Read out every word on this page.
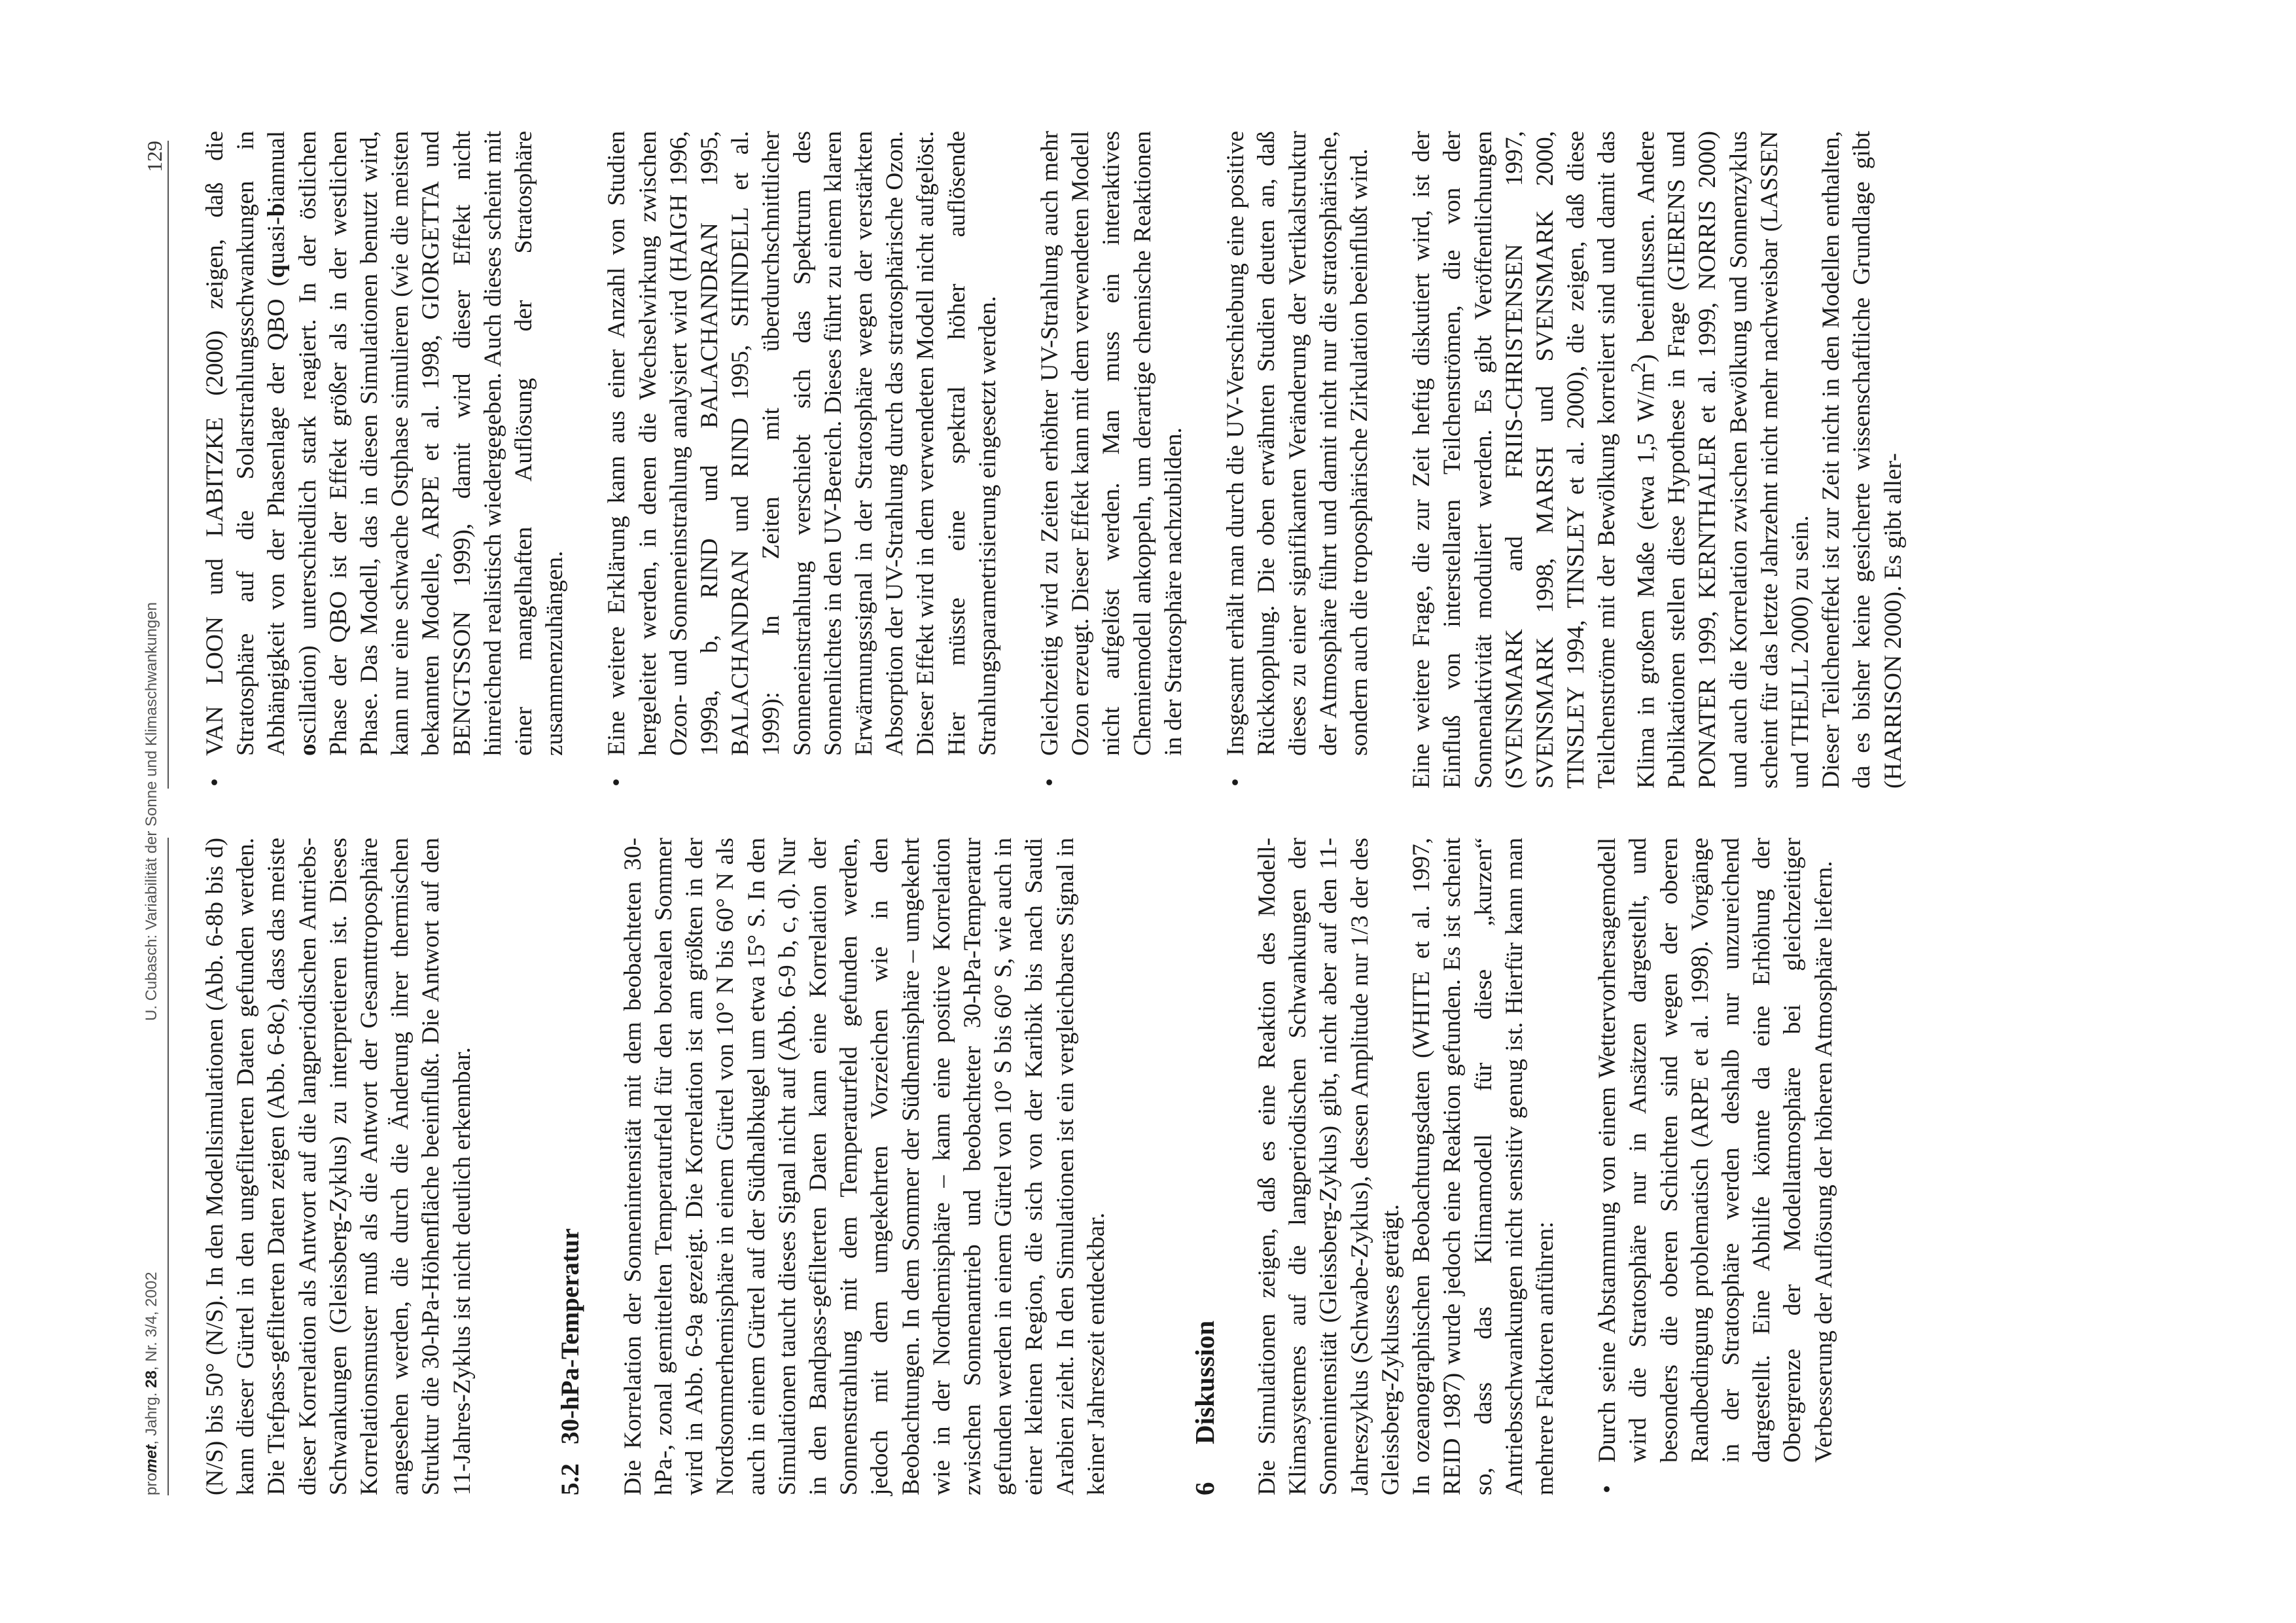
promet, Jahrg. 28, Nr. 3/4, 2002
U. Cubasch: Variabilität der Sonne und Klimaschwankungen
129

(N/S) bis 50° (N/S). In den Modellsimulationen (Abb. 6-8b bis d) kann dieser Gürtel in den ungefilterten Daten gefunden werden. Die Tiefpass-gefilterten Daten zeigen (Abb. 6-8c), dass das meiste dieser Korrelation als Antwort auf die langperiodischen Antriebs-Schwankungen (Gleissberg-Zyklus) zu interpretieren ist. Dieses Korrelationsmuster muß als die Antwort der Gesamttroposphäre angesehen werden, die durch die Änderung ihrer thermischen Struktur die 30-hPa-Höhenfläche beeinflußt. Die Antwort auf den 11-Jahres-Zyklus ist nicht deutlich erkennbar.	5.230-hPa-Temperatur Die Korrelation der Sonnenintensität mit dem beobachteten 30-hPa-, zonal gemittelten Temperaturfeld für den borealen Sommer wird in Abb. 6-9a gezeigt. Die Korrelation ist am größten in der Nordsommerhemisphäre in einem Gürtel von 10° N bis 60° N als auch in einem Gürtel auf der Südhalbkugel um etwa 15° S. In den Simulationen taucht dieses Signal nicht auf (Abb. 6-9 b, c, d). Nur in den Bandpass-gefilterten Daten kann eine Korrelation der Sonnenstrahlung mit dem Temperaturfeld gefunden werden, jedoch mit dem umgekehrten Vorzeichen wie in den Beobachtungen. In dem Sommer der Südhemisphäre – umgekehrt wie in der Nordhemisphäre – kann eine positive Korrelation zwischen Sonnenantrieb und beobachteter 30-hPa-Temperatur gefunden werden in einem Gürtel von 10° S bis 60° S, wie auch in einer kleinen Region, die sich von der Karibik bis nach Saudi Arabien zieht. In den Simulationen ist ein vergleichbares Signal in keiner Jahreszeit entdeckbar.	6Diskussion Die Simulationen zeigen, daß es eine Reaktion des Modell-Klimasystemes auf die langperiodischen Schwankungen der Sonnenintensität (Gleissberg-Zyklus) gibt, nicht aber auf den 11-Jahreszyklus (Schwabe-Zyklus), dessen Amplitude nur 1/3 der des Gleissberg-Zyklusses geträgt. In ozeanographischen Beobachtungsdaten (WHITE et al. 1997, REID 1987) wurde jedoch eine Reaktion gefunden. Es ist scheint so, dass das Klimamodell für diese „kurzen“ Antriebsschwankungen nicht sensitiv genug ist. Hierfür kann man mehrere Faktoren anführen: •
Durch seine Abstammung von einem Wettervorhersagemodell wird die Stratosphäre nur in Ansätzen dargestellt, und besonders die oberen Schichten sind wegen der oberen Randbedingung problematisch (ARPE et al. 1998). Vorgänge in der Stratosphäre werden deshalb nur unzureichend dargestellt. Eine Abhilfe könnte da eine Erhöhung der Obergrenze der Modellatmosphäre bei gleichzeitiger Verbesserung der Auflösung der höheren Atmosphäre liefern.
•
VAN LOON und LABITZKE (2000) zeigen, daß die Stratosphäre auf die Solarstrahlungsschwankungen in Abhängigkeit von der Phasenlage der QBO (quasi-biannual oscillation) unterschiedlich stark reagiert. In der östlichen Phase der QBO ist der Effekt größer als in der westlichen Phase. Das Modell, das in diesen Simulationen benutzt wird, kann nur eine schwache Ostphase simulieren (wie die meisten bekannten Modelle, ARPE et al. 1998, GIORGETTA und BENGTSSON 1999), damit wird dieser Effekt nicht hinreichend realistisch wiedergegeben. Auch dieses scheint mit einer mangelhaften Auflösung der Stratosphäre zusammenzuhängen.
•
Eine weitere Erklärung kann aus einer Anzahl von Studien hergeleitet werden, in denen die Wechselwirkung zwischen Ozon- und Sonneneinstrahlung analysiert wird (HAIGH 1996, 1999a, b, RIND und BALACHANDRAN 1995, BALACHANDRAN und RIND 1995, SHINDELL et al. 1999): In Zeiten mit überdurchschnittlicher Sonneneinstrahlung verschiebt sich das Spektrum des Sonnenlichtes in den UV-Bereich. Dieses führt zu einem klaren Erwärmungssignal in der Stratosphäre wegen der verstärkten Absorption der UV-Strahlung durch das stratosphärische Ozon. Dieser Effekt wird in dem verwendeten Modell nicht aufgelöst. Hier müsste eine spektral höher auflösende Strahlungsparametrisierung eingesetzt werden.
•
Gleichzeitig wird zu Zeiten erhöhter UV-Strahlung auch mehr Ozon erzeugt. Dieser Effekt kann mit dem verwendeten Modell nicht aufgelöst werden. Man muss ein interaktives Chemiemodell ankoppeln, um derartige chemische Reaktionen in der Stratosphäre nachzubilden.
•
Insgesamt erhält man durch die UV-Verschiebung eine positive Rückkopplung. Die oben erwähnten Studien deuten an, daß dieses zu einer signifikanten Veränderung der Vertikalstruktur der Atmosphäre führt und damit nicht nur die stratosphärische, sondern auch die troposphärische Zirkulation beeinflußt wird. Eine weitere Frage, die zur Zeit heftig diskutiert wird, ist der Einfluß von interstellaren Teilchenströmen, die von der Sonnenaktivität moduliert werden. Es gibt Veröffentlichungen (SVENSMARK and FRIIS-CHRISTENSEN 1997, SVENSMARK 1998, MARSH und SVENSMARK 2000, TINSLEY 1994, TINSLEY et al. 2000), die zeigen, daß diese Teilchenströme mit der Bewölkung korreliert sind und damit das Klima in großem Maße (etwa 1,5 $W/m^2$) beeinflussen. Andere Publikationen stellen diese Hypothese in Frage (GIERENS und PONATER 1999, KERNTHALER et al. 1999, NORRIS 2000) und auch die Korrelation zwischen Bewölkung und Sonnenzyklus scheint für das letzte Jahrzehnt nicht mehr nachweisbar (LASSEN und THEJLL 2000) zu sein. Dieser Teilcheneffekt ist zur Zeit nicht in den Modellen enthalten, da es bisher keine gesicherte wissenschaftliche Grundlage gibt (HARRISON 2000). Es gibt aller-
